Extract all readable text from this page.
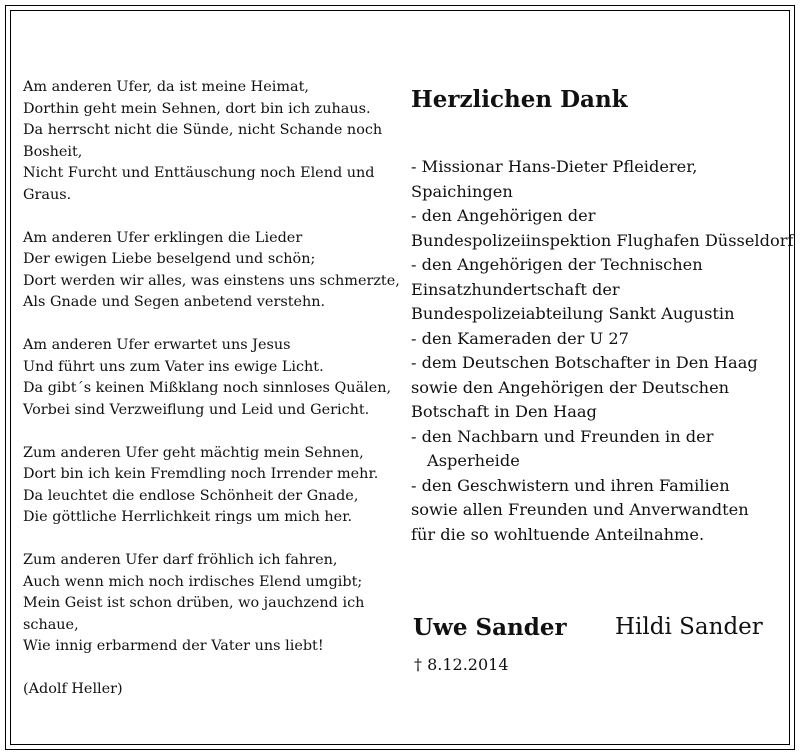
Am anderen Ufer, da ist meine Heimat,
Dorthin geht mein Sehnen, dort bin ich zuhaus.
Da herrscht nicht die Sünde, nicht Schande noch
Bosheit,
Nicht Furcht und Enttäuschung noch Elend und
Graus.
Am anderen Ufer erklingen die Lieder
Der ewigen Liebe beselgend und schön;
Dort werden wir alles, was einstens uns schmerzte,
Als Gnade und Segen anbetend verstehn.
Am anderen Ufer erwartet uns Jesus
Und führt uns zum Vater ins ewige Licht.
Da gibt´s keinen Mißklang noch sinnloses Quälen,
Vorbei sind Verzweiflung und Leid und Gericht.
Zum anderen Ufer geht mächtig mein Sehnen,
Dort bin ich kein Fremdling noch Irrender mehr.
Da leuchtet die endlose Schönheit der Gnade,
Die göttliche Herrlichkeit rings um mich her.
Zum anderen Ufer darf fröhlich ich fahren,
Auch wenn mich noch irdisches Elend umgibt;
Mein Geist ist schon drüben, wo jauchzend ich
schaue,
Wie innig erbarmend der Vater uns liebt!
(Adolf Heller)
Herzlichen Dank
- Missionar Hans-Dieter Pfleiderer,
Spaichingen
- den Angehörigen der
Bundespolizeiinspektion Flughafen Düsseldorf
- den Angehörigen der Technischen
Einsatzhundertschaft der
Bundespolizeiabteilung Sankt Augustin
- den Kameraden der U 27
- dem Deutschen Botschafter in Den Haag
sowie den Angehörigen der Deutschen
Botschaft in Den Haag
- den Nachbarn und Freunden in der
Asperheide
- den Geschwistern und ihren Familien
sowie allen Freunden und Anverwandten
für die so wohltuende Anteilnahme.
Uwe Sander Hildi Sander
† 8.12.2014
